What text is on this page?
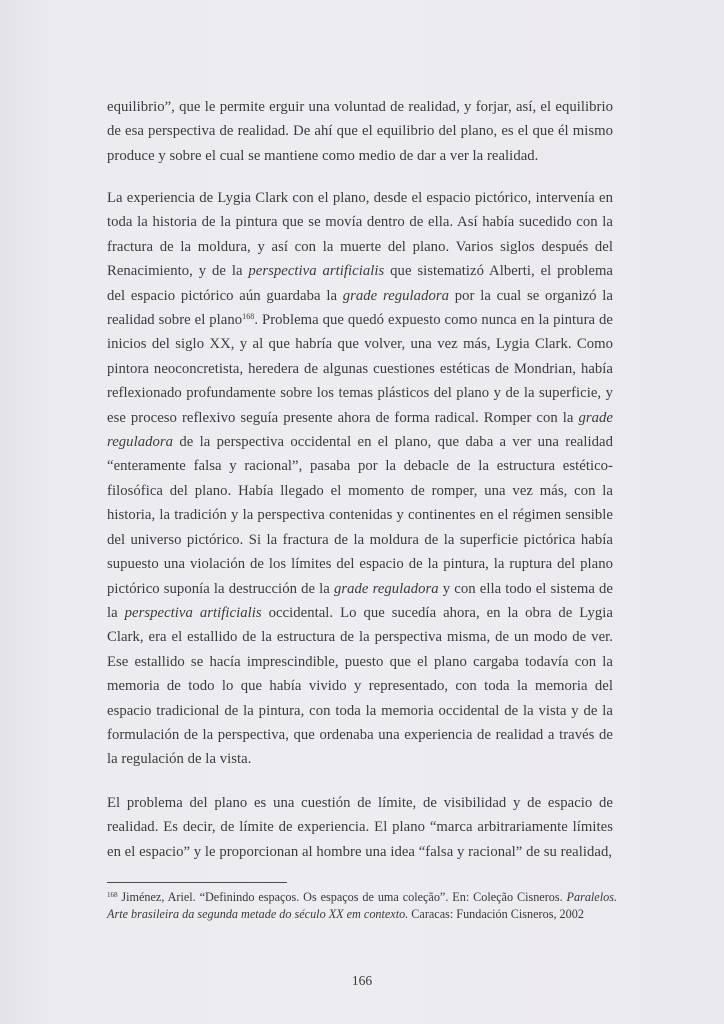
equilibrio”, que le permite erguir una voluntad de realidad, y forjar, así, el equilibrio de esa perspectiva de realidad. De ahí que el equilibrio del plano, es el que él mismo produce y sobre el cual se mantiene como medio de dar a ver la realidad.

La experiencia de Lygia Clark con el plano, desde el espacio pictórico, intervenía en toda la historia de la pintura que se movía dentro de ella. Así había sucedido con la fractura de la moldura, y así con la muerte del plano. Varios siglos después del Renacimiento, y de la perspectiva artificialis que sistematizó Alberti, el problema del espacio pictórico aún guardaba la grade reguladora por la cual se organizó la realidad sobre el plano$^{168}$. Problema que quedó expuesto como nunca en la pintura de inicios del siglo XX, y al que habría que volver, una vez más, Lygia Clark. Como pintora neoconcretista, heredera de algunas cuestiones estéticas de Mondrian, había reflexionado profundamente sobre los temas plásticos del plano y de la superficie, y ese proceso reflexivo seguía presente ahora de forma radical. Romper con la grade reguladora de la perspectiva occidental en el plano, que daba a ver una realidad “enteramente falsa y racional”, pasaba por la debacle de la estructura estético-filosófica del plano. Había llegado el momento de romper, una vez más, con la historia, la tradición y la perspectiva contenidas y continentes en el régimen sensible del universo pictórico. Si la fractura de la moldura de la superficie pictórica había supuesto una violación de los límites del espacio de la pintura, la ruptura del plano pictórico suponía la destrucción de la grade reguladora y con ella todo el sistema de la perspectiva artificialis occidental. Lo que sucedía ahora, en la obra de Lygia Clark, era el estallido de la estructura de la perspectiva misma, de un modo de ver. Ese estallido se hacía imprescindible, puesto que el plano cargaba todavía con la memoria de todo lo que había vivido y representado, con toda la memoria del espacio tradicional de la pintura, con toda la memoria occidental de la vista y de la formulación de la perspectiva, que ordenaba una experiencia de realidad a través de la regulación de la vista.

El problema del plano es una cuestión de límite, de visibilidad y de espacio de realidad. Es decir, de límite de experiencia. El plano “marca arbitrariamente límites en el espacio” y le proporcionan al hombre una idea “falsa y racional” de su realidad,

$^{168}$ Jiménez, Ariel. “Definindo espaços. Os espaços de uma coleção”. En: Coleção Cisneros. Paralelos. Arte brasileira da segunda metade do século XX em contexto. Caracas: Fundación Cisneros, 2002

166
